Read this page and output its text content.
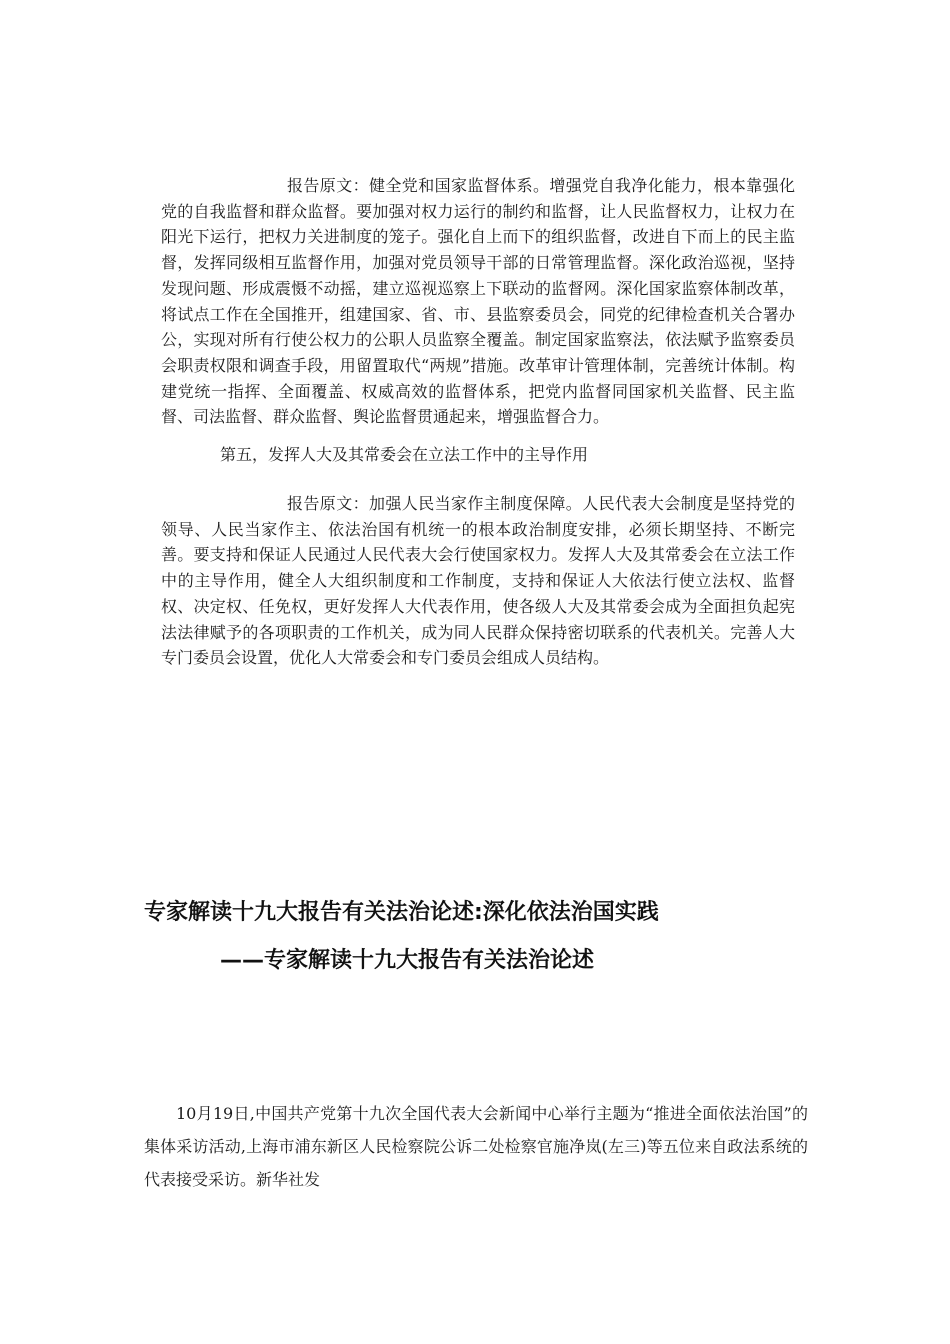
报告原文：健全党和国家监督体系。增强党自我净化能力，根本靠强化党的自我监督和群众监督。要加强对权力运行的制约和监督，让人民监督权力，让权力在阳光下运行，把权力关进制度的笼子。强化自上而下的组织监督，改进自下而上的民主监督，发挥同级相互监督作用，加强对党员领导干部的日常管理监督。深化政治巡视，坚持发现问题、形成震慑不动摇，建立巡视巡察上下联动的监督网。深化国家监察体制改革，将试点工作在全国推开，组建国家、省、市、县监察委员会，同党的纪律检查机关合署办公，实现对所有行使公权力的公职人员监察全覆盖。制定国家监察法，依法赋予监察委员会职责权限和调查手段，用留置取代“两规”措施。改革审计管理体制，完善统计体制。构建党统一指挥、全面覆盖、权威高效的监督体系，把党内监督同国家机关监督、民主监督、司法监督、群众监督、舆论监督贯通起来，增强监督合力。

第五，发挥人大及其常委会在立法工作中的主导作用

报告原文：加强人民当家作主制度保障。人民代表大会制度是坚持党的领导、人民当家作主、依法治国有机统一的根本政治制度安排，必须长期坚持、不断完善。要支持和保证人民通过人民代表大会行使国家权力。发挥人大及其常委会在立法工作中的主导作用，健全人大组织制度和工作制度，支持和保证人大依法行使立法权、监督权、决定权、任免权，更好发挥人大代表作用，使各级人大及其常委会成为全面担负起宪法法律赋予的各项职责的工作机关，成为同人民群众保持密切联系的代表机关。完善人大专门委员会设置，优化人大常委会和专门委员会组成人员结构。

专家解读十九大报告有关法治论述:深化依法治国实践
——专家解读十九大报告有关法治论述

10月19日,中国共产党第十九次全国代表大会新闻中心举行主题为“推进全面依法治国”的集体采访活动,上海市浦东新区人民检察院公诉二处检察官施净岚(左三)等五位来自政法系统的代表接受采访。新华社发
